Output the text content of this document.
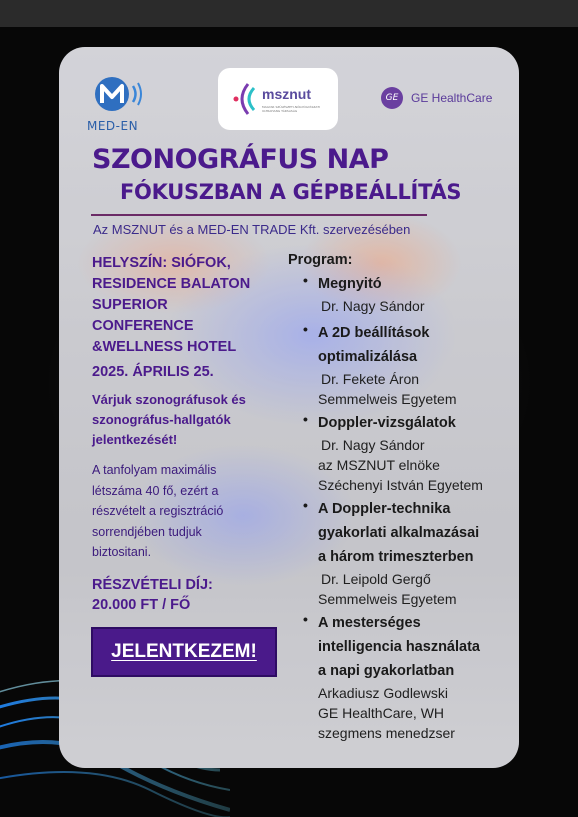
MED-EN
msznut
MAGYAR SZÜLÉSZETI-NŐGYÓGYÁSZATI ULTRAHANG TÁRSASÁG
GE	GE HealthCare
SZONOGRÁFUS NAP
FÓKUSZBAN A GÉPBEÁLLÍTÁS
Az MSZNUT és a MED-EN TRADE Kft. szervezésében
HELYSZÍN: SIÓFOK,
RESIDENCE BALATON
SUPERIOR
CONFERENCE
&WELLNESS HOTEL
2025. ÁPRILIS 25.
Várjuk szonográfusok és
szonográfus-hallgatók
jelentkezését!
A tanfolyam maximális
létszáma 40 fő, ezért a
részvételt a regisztráció
sorrendjében tudjuk
biztositani.
RÉSZVÉTELI DÍJ:
20.000 FT / FŐ
JELENTKEZEM!
Program:
• Megnyitó
Dr. Nagy Sándor
• A 2D beállítások
optimalizálása
Dr. Fekete Áron
Semmelweis Egyetem
• Doppler-vizsgálatok
Dr. Nagy Sándor
az MSZNUT elnöke
Széchenyi István Egyetem
• A Doppler-technika
gyakorlati alkalmazásai
a három trimeszterben
Dr. Leipold Gergő
Semmelweis Egyetem
• A mesterséges
intelligencia használata
a napi gyakorlatban
Arkadiusz Godlewski
GE HealthCare, WH
szegmens menedzser
